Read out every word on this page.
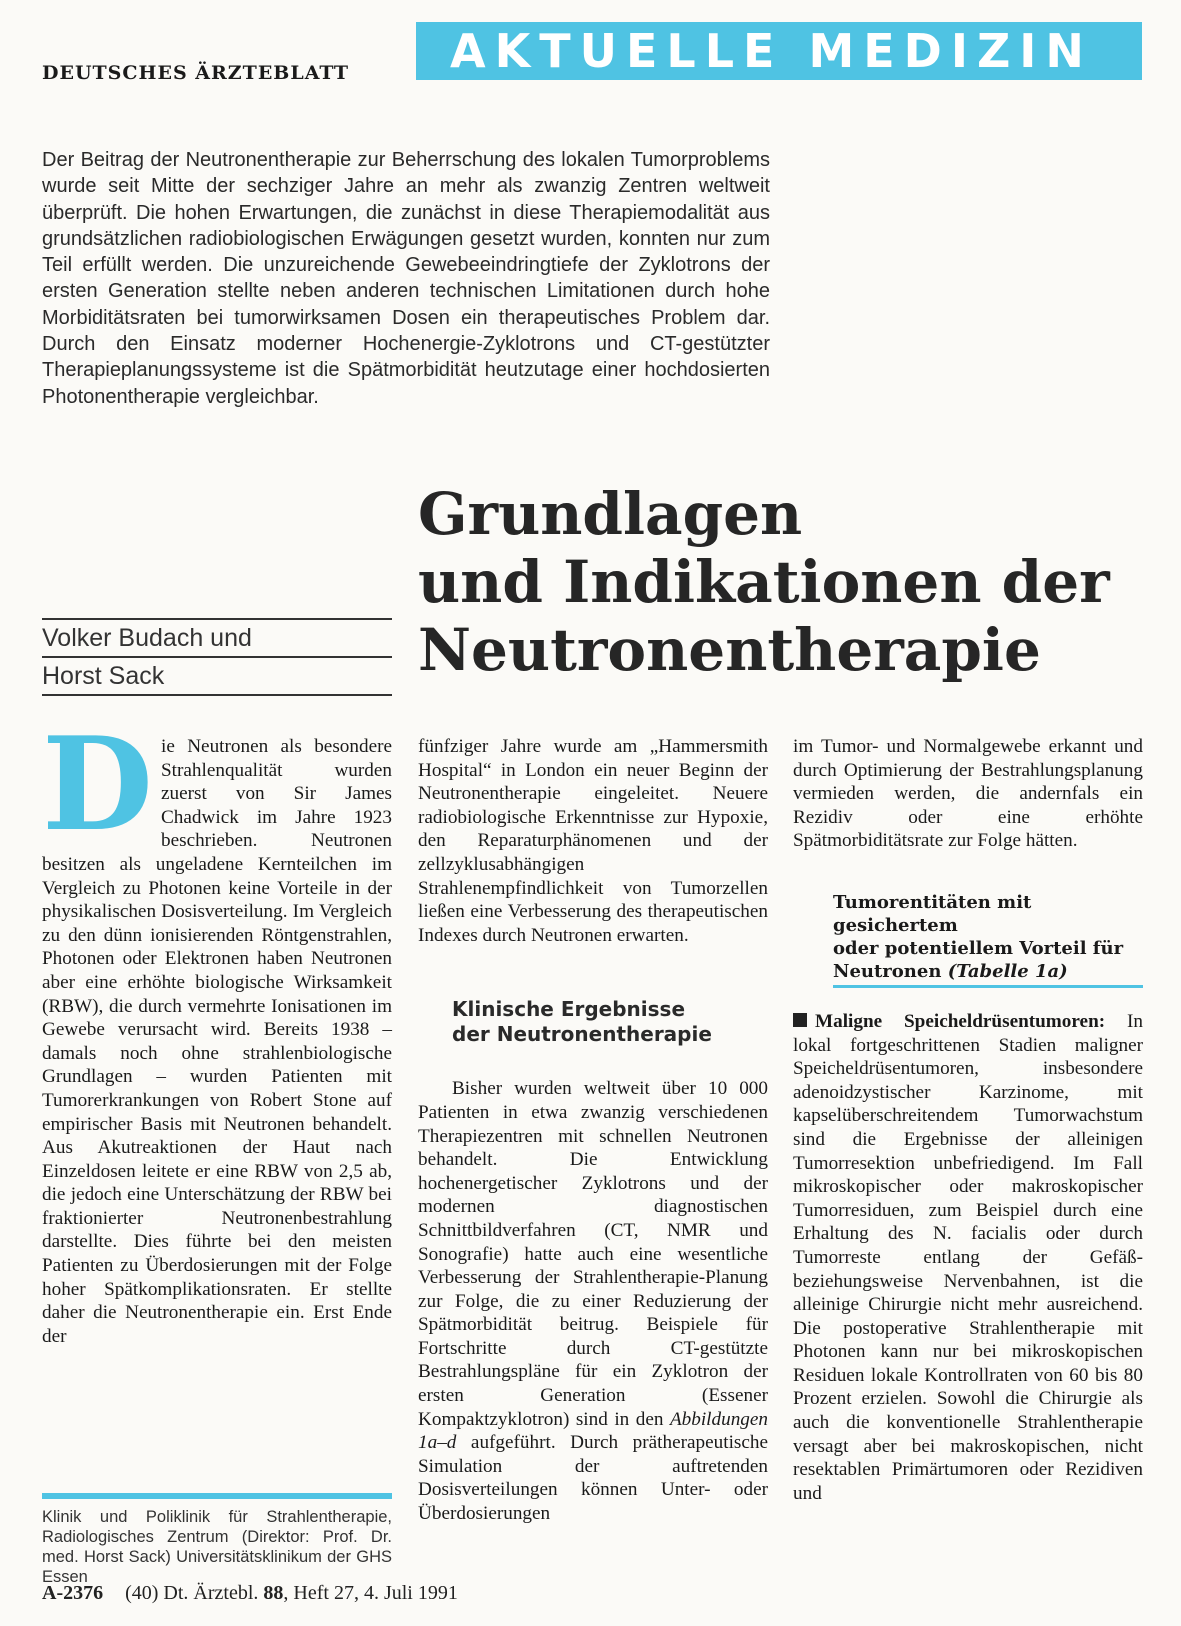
DEUTSCHES ÄRZTEBLATT	AKTUELLE MEDIZIN
Der Beitrag der Neutronentherapie zur Beherrschung des lokalen Tumorproblems wurde seit Mitte der sechziger Jahre an mehr als zwanzig Zentren weltweit überprüft. Die hohen Erwartungen, die zunächst in diese Therapiemodalität aus grundsätzlichen radiobiologischen Erwägungen gesetzt wurden, konnten nur zum Teil erfüllt werden. Die unzureichende Gewebeeindringtiefe der Zyklotrons der ersten Generation stellte neben anderen technischen Limitationen durch hohe Morbiditätsraten bei tumorwirksamen Dosen ein therapeutisches Problem dar. Durch den Einsatz moderner Hochenergie-Zyklotrons und CT-gestützter Therapieplanungssysteme ist die Spätmorbidität heutzutage einer hochdosierten Photonentherapie vergleichbar.
Grundlagen
und Indikationen der
Neutronentherapie
Volker Budach und
Horst Sack
D ie Neutronen als besondere Strahlenqualität wurden zuerst von Sir James Chadwick im Jahre 1923 beschrieben. Neutronen besitzen als ungeladene Kernteilchen im Vergleich zu Photonen keine Vorteile in der physikalischen Dosisverteilung. Im Vergleich zu den dünn ionisierenden Röntgenstrahlen, Photonen oder Elektronen haben Neutronen aber eine erhöhte biologische Wirksamkeit (RBW), die durch vermehrte Ionisationen im Gewebe verursacht wird. Bereits 1938 – damals noch ohne strahlenbiologische Grundlagen – wurden Patienten mit Tumorerkrankungen von Robert Stone auf empirischer Basis mit Neutronen behandelt. Aus Akutreaktionen der Haut nach Einzeldosen leitete er eine RBW von 2,5 ab, die jedoch eine Unterschätzung der RBW bei fraktionierter Neutronenbestrahlung darstellte. Dies führte bei den meisten Patienten zu Überdosierungen mit der Folge hoher Spätkomplikationsraten. Er stellte daher die Neutronentherapie ein. Erst Ende der
Klinik und Poliklinik für Strahlentherapie, Radiologisches Zentrum (Direktor: Prof. Dr. med. Horst Sack) Universitätsklinikum der GHS Essen
fünfziger Jahre wurde am „Hammersmith Hospital“ in London ein neuer Beginn der Neutronentherapie eingeleitet. Neuere radiobiologische Erkenntnisse zur Hypoxie, den Reparaturphänomenen und der zellzyklusabhängigen Strahlenempfindlichkeit von Tumorzellen ließen eine Verbesserung des therapeutischen Indexes durch Neutronen erwarten.
Klinische Ergebnisse
der Neutronentherapie
Bisher wurden weltweit über 10 000 Patienten in etwa zwanzig verschiedenen Therapiezentren mit schnellen Neutronen behandelt. Die Entwicklung hochenergetischer Zyklotrons und der modernen diagnostischen Schnittbildverfahren (CT, NMR und Sonografie) hatte auch eine wesentliche Verbesserung der Strahlentherapie-Planung zur Folge, die zu einer Reduzierung der Spätmorbidität beitrug. Beispiele für Fortschritte durch CT-gestützte Bestrahlungspläne für ein Zyklotron der ersten Generation (Essener Kompaktzyklotron) sind in den Abbildungen 1a–d aufgeführt. Durch prätherapeutische Simulation der auftretenden Dosisverteilungen können Unter- oder Überdosierungen
im Tumor- und Normalgewebe erkannt und durch Optimierung der Bestrahlungsplanung vermieden werden, die andernfals ein Rezidiv oder eine erhöhte Spätmorbiditätsrate zur Folge hätten.
Tumorentitäten mit gesichertem
oder potentiellem Vorteil für
Neutronen (Tabelle 1a)
Maligne Speicheldrüsentumoren: In lokal fortgeschrittenen Stadien maligner Speicheldrüsentumoren, insbesondere adenoidzystischer Karzinome, mit kapselüberschreitendem Tumorwachstum sind die Ergebnisse der alleinigen Tumorresektion unbefriedigend. Im Fall mikroskopischer oder makroskopischer Tumorresiduen, zum Beispiel durch eine Erhaltung des N. facialis oder durch Tumorreste entlang der Gefäß- beziehungsweise Nervenbahnen, ist die alleinige Chirurgie nicht mehr ausreichend. Die postoperative Strahlentherapie mit Photonen kann nur bei mikroskopischen Residuen lokale Kontrollraten von 60 bis 80 Prozent erzielen. Sowohl die Chirurgie als auch die konventionelle Strahlentherapie versagt aber bei makroskopischen, nicht resektablen Primärtumoren oder Rezidiven und
A-2376 (40) Dt. Ärztebl. 88, Heft 27, 4. Juli 1991
